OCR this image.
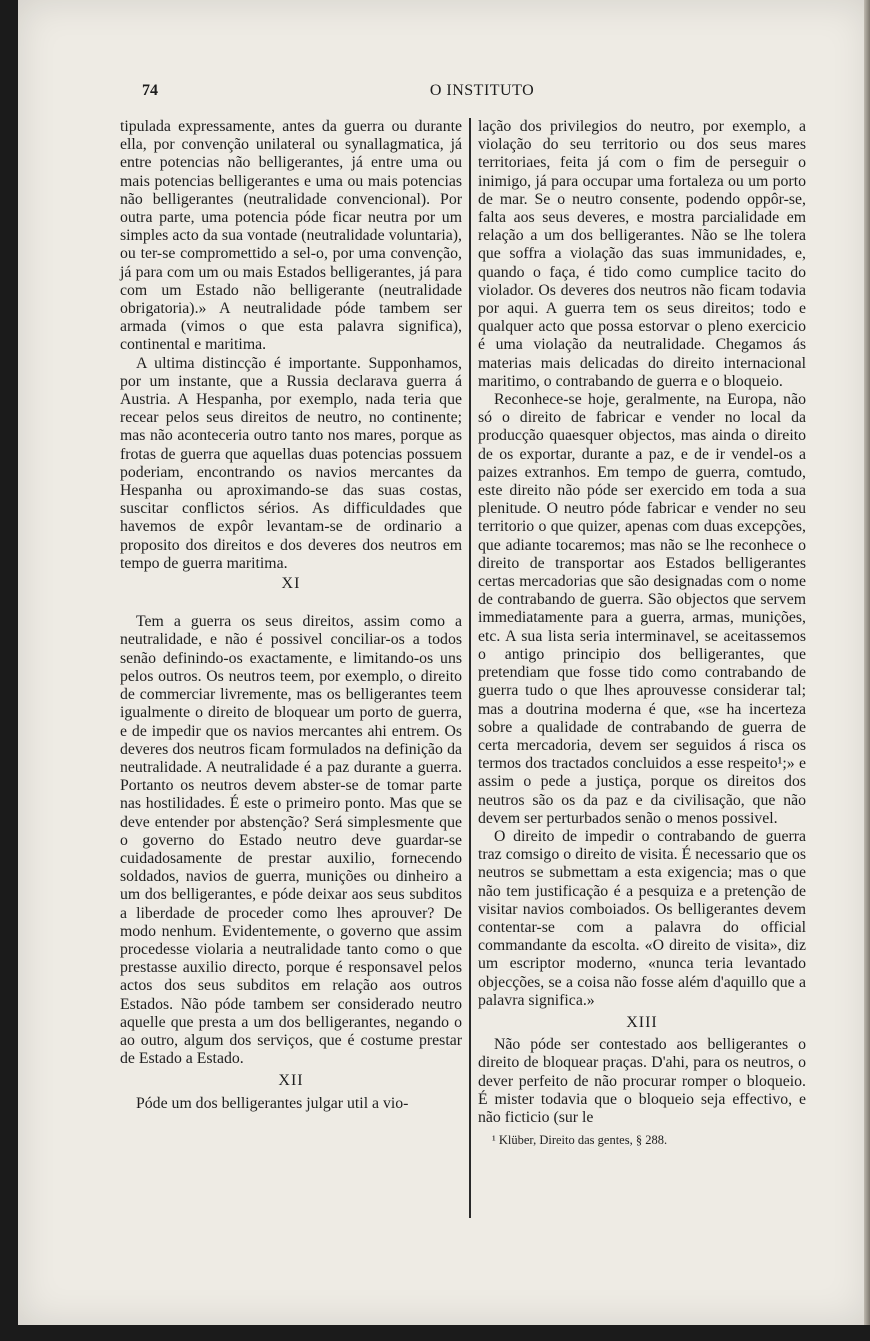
74	O INSTITUTO

tipulada expressamente, antes da guerra ou durante ella, por convenção unilateral ou synallagmatica, já entre potencias não belligerantes, já entre uma ou mais potencias belligerantes e uma ou mais potencias não belligerantes (neutralidade convencional). Por outra parte, uma potencia póde ficar neutra por um simples acto da sua vontade (neutralidade voluntaria), ou ter-se compromettido a sel-o, por uma convenção, já para com um ou mais Estados belligerantes, já para com um Estado não belligerante (neutralidade obrigatoria).» A neutralidade póde tambem ser armada (vimos o que esta palavra significa), continental e maritima.

A ultima distincção é importante. Supponhamos, por um instante, que a Russia declarava guerra á Austria. A Hespanha, por exemplo, nada teria que recear pelos seus direitos de neutro, no continente; mas não aconteceria outro tanto nos mares, porque as frotas de guerra que aquellas duas potencias possuem poderiam, encontrando os navios mercantes da Hespanha ou aproximando-se das suas costas, suscitar conflictos sérios. As difficuldades que havemos de expôr levantam-se de ordinario a proposito dos direitos e dos deveres dos neutros em tempo de guerra maritima.

XI

Tem a guerra os seus direitos, assim como a neutralidade, e não é possivel conciliar-os a todos senão definindo-os exactamente, e limitando-os uns pelos outros. Os neutros teem, por exemplo, o direito de commerciar livremente, mas os belligerantes teem igualmente o direito de bloquear um porto de guerra, e de impedir que os navios mercantes ahi entrem. Os deveres dos neutros ficam formulados na definição da neutralidade. A neutralidade é a paz durante a guerra. Portanto os neutros devem abster-se de tomar parte nas hostilidades. É este o primeiro ponto. Mas que se deve entender por abstenção? Será simplesmente que o governo do Estado neutro deve guardar-se cuidadosamente de prestar auxilio, fornecendo soldados, navios de guerra, munições ou dinheiro a um dos belligerantes, e póde deixar aos seus subditos a liberdade de proceder como lhes aprouver? De modo nenhum. Evidentemente, o governo que assim procedesse violaria a neutralidade tanto como o que prestasse auxilio directo, porque é responsavel pelos actos dos seus subditos em relação aos outros Estados. Não póde tambem ser considerado neutro aquelle que presta a um dos belligerantes, negando o ao outro, algum dos serviços, que é costume prestar de Estado a Estado.

XII

Póde um dos belligerantes julgar util a vio-

lação dos privilegios do neutro, por exemplo, a violação do seu territorio ou dos seus mares territoriaes, feita já com o fim de perseguir o inimigo, já para occupar uma fortaleza ou um porto de mar. Se o neutro consente, podendo oppôr-se, falta aos seus deveres, e mostra parcialidade em relação a um dos belligerantes. Não se lhe tolera que soffra a violação das suas immunidades, e, quando o faça, é tido como cumplice tacito do violador. Os deveres dos neutros não ficam todavia por aqui. A guerra tem os seus direitos; todo e qualquer acto que possa estorvar o pleno exercicio é uma violação da neutralidade. Chegamos ás materias mais delicadas do direito internacional maritimo, o contrabando de guerra e o bloqueio.

Reconhece-se hoje, geralmente, na Europa, não só o direito de fabricar e vender no local da producção quaesquer objectos, mas ainda o direito de os exportar, durante a paz, e de ir vendel-os a paizes extranhos. Em tempo de guerra, comtudo, este direito não póde ser exercido em toda a sua plenitude. O neutro póde fabricar e vender no seu territorio o que quizer, apenas com duas excepções, que adiante tocaremos; mas não se lhe reconhece o direito de transportar aos Estados belligerantes certas mercadorias que são designadas com o nome de contrabando de guerra. São objectos que servem immediatamente para a guerra, armas, munições, etc. A sua lista seria interminavel, se aceitassemos o antigo principio dos belligerantes, que pretendiam que fosse tido como contrabando de guerra tudo o que lhes aprouvesse considerar tal; mas a doutrina moderna é que, «se ha incerteza sobre a qualidade de contrabando de guerra de certa mercadoria, devem ser seguidos á risca os termos dos tractados concluidos a esse respeito¹;» e assim o pede a justiça, porque os direitos dos neutros são os da paz e da civilisação, que não devem ser perturbados senão o menos possivel.

O direito de impedir o contrabando de guerra traz comsigo o direito de visita. É necessario que os neutros se submettam a esta exigencia; mas o que não tem justificação é a pesquiza e a pretenção de visitar navios comboiados. Os belligerantes devem contentar-se com a palavra do official commandante da escolta. «O direito de visita», diz um escriptor moderno, «nunca teria levantado objecções, se a coisa não fosse além d'aquillo que a palavra significa.»

XIII

Não póde ser contestado aos belligerantes o direito de bloquear praças. D'ahi, para os neutros, o dever perfeito de não procurar romper o bloqueio. É mister todavia que o bloqueio seja effectivo, e não ficticio (sur le

¹ Klüber, Direito das gentes, § 288.
